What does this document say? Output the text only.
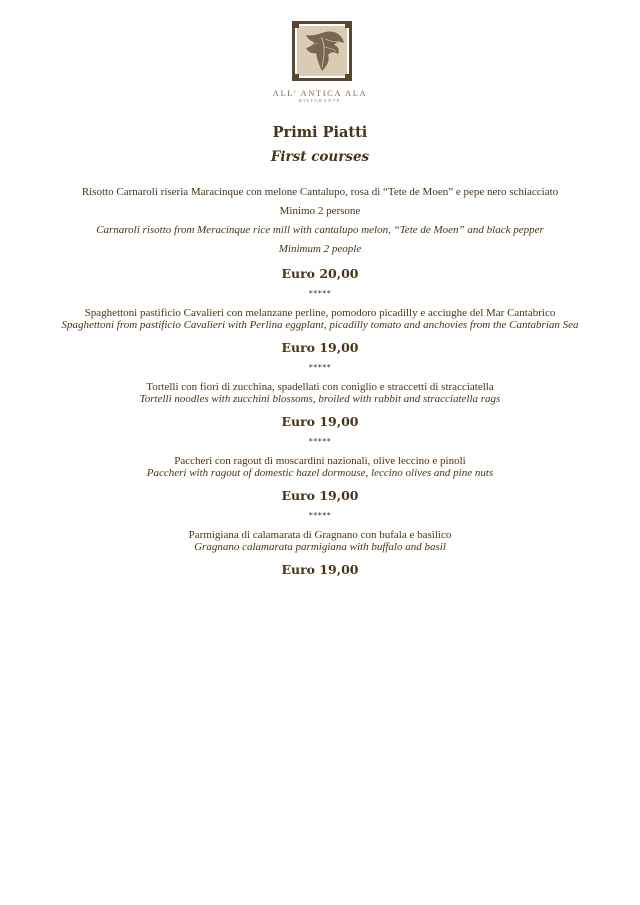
ALL' ANTICA ALA
RISTORANTE
Primi Piatti
First courses
Risotto Carnaroli riseria Maracinque con melone Cantalupo, rosa di “Tete de Moen” e pepe nero schiacciato
Minimo 2 persone
Carnaroli risotto from Meracinque rice mill with cantalupo melon, “Tete de Moen” and black pepper
Minimum 2 people
Euro 20,00
*****
Spaghettoni pastificio Cavalieri con melanzane perline, pomodoro picadilly e acciughe del Mar Cantabrico
Spaghettoni from pastificio Cavalieri with Perlina eggplant, picadilly tomato and anchovies from the Cantabrian Sea
Euro 19,00
*****
Tortelli con fiori di zucchina, spadellati con coniglio e straccetti di stracciatella
Tortelli noodles with zucchini blossoms, broiled with rabbit and stracciatella rags
Euro 19,00
*****
Paccheri con ragout di moscardini nazionali, olive leccino e pinoli
Paccheri with ragout of domestic hazel dormouse, leccino olives and pine nuts
Euro 19,00
*****
Parmigiana di calamarata di Gragnano con bufala e basilico
Gragnano calamarata parmigiana with buffalo and basil
Euro 19,00
